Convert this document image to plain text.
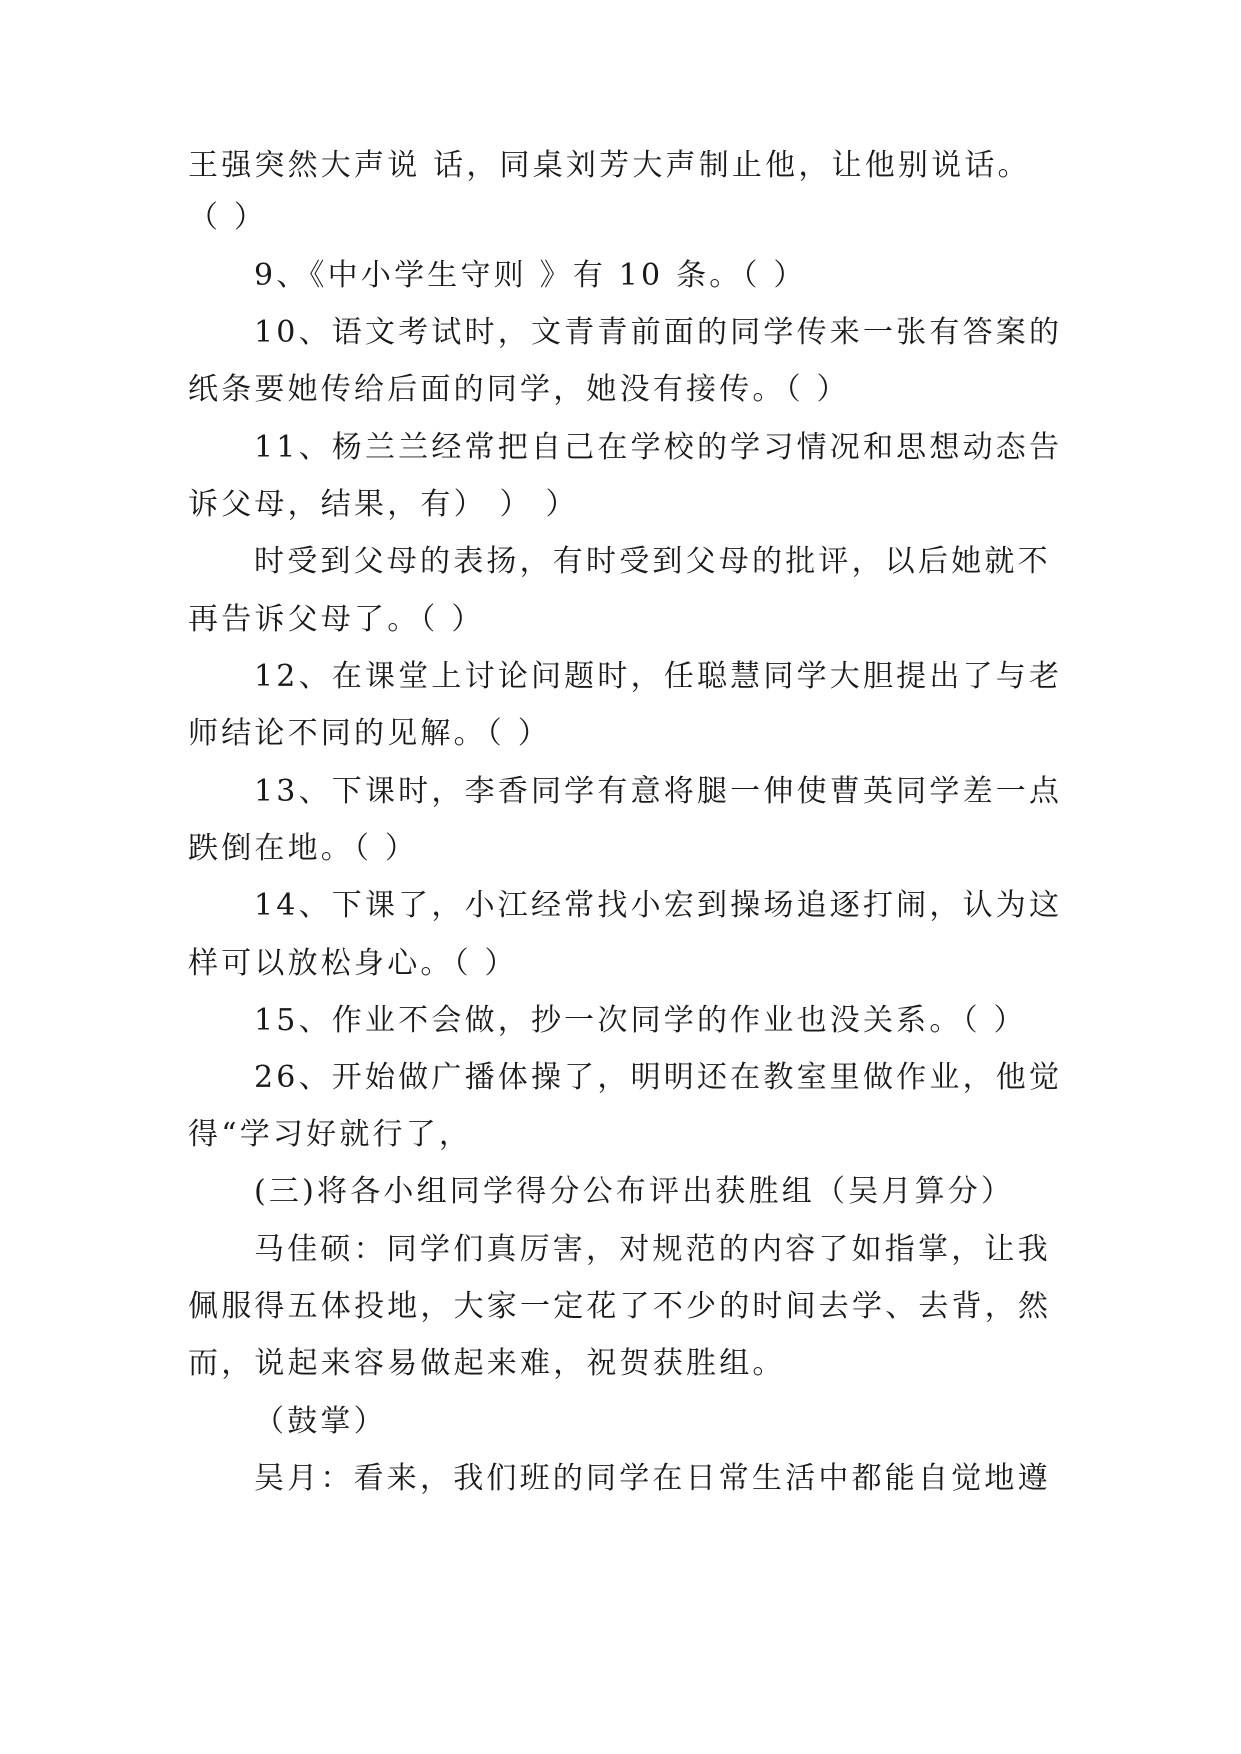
王强突然大声说 话，同桌刘芳大声制止他，让他别说话。
（ ）
9、《中小学生守则 》有 10 条。（ ）
10、语文考试时，文青青前面的同学传来一张有答案的
纸条要她传给后面的同学，她没有接传。（ ）
11、杨兰兰经常把自己在学校的学习情况和思想动态告
诉父母，结果，有） ） ）
时受到父母的表扬，有时受到父母的批评，以后她就不
再告诉父母了。（ ）
12、在课堂上讨论问题时，任聪慧同学大胆提出了与老
师结论不同的见解。（ ）
13、下课时，李香同学有意将腿一伸使曹英同学差一点
跌倒在地。（ ）
14、下课了，小江经常找小宏到操场追逐打闹，认为这
样可以放松身心。（ ）
15、作业不会做，抄一次同学的作业也没关系。（ ）
26、开始做广播体操了，明明还在教室里做作业，他觉
得“学习好就行了，
(三)将各小组同学得分公布评出获胜组（吴月算分）
马佳硕：同学们真厉害，对规范的内容了如指掌，让我
佩服得五体投地，大家一定花了不少的时间去学、去背，然
而，说起来容易做起来难，祝贺获胜组。
（鼓掌）
吴月：看来，我们班的同学在日常生活中都能自觉地遵
